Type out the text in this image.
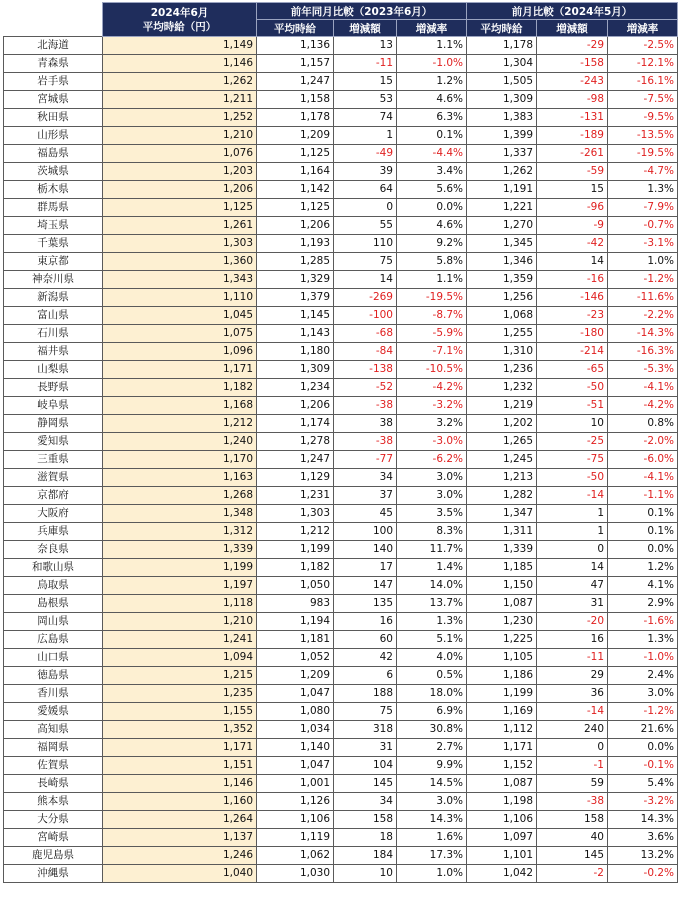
	2024年6月
平均時給（円）	前年同月比較（2023年6月）			前月比較（2024年5月）		
		平均時給	増減額	増減率	平均時給	増減額	増減率
北海道	1,149	1,136	13	1.1%	1,178	-29	-2.5%
青森県	1,146	1,157	-11	-1.0%	1,304	-158	-12.1%
岩手県	1,262	1,247	15	1.2%	1,505	-243	-16.1%
宮城県	1,211	1,158	53	4.6%	1,309	-98	-7.5%
秋田県	1,252	1,178	74	6.3%	1,383	-131	-9.5%
山形県	1,210	1,209	1	0.1%	1,399	-189	-13.5%
福島県	1,076	1,125	-49	-4.4%	1,337	-261	-19.5%
茨城県	1,203	1,164	39	3.4%	1,262	-59	-4.7%
栃木県	1,206	1,142	64	5.6%	1,191	15	1.3%
群馬県	1,125	1,125	0	0.0%	1,221	-96	-7.9%
埼玉県	1,261	1,206	55	4.6%	1,270	-9	-0.7%
千葉県	1,303	1,193	110	9.2%	1,345	-42	-3.1%
東京都	1,360	1,285	75	5.8%	1,346	14	1.0%
神奈川県	1,343	1,329	14	1.1%	1,359	-16	-1.2%
新潟県	1,110	1,379	-269	-19.5%	1,256	-146	-11.6%
富山県	1,045	1,145	-100	-8.7%	1,068	-23	-2.2%
石川県	1,075	1,143	-68	-5.9%	1,255	-180	-14.3%
福井県	1,096	1,180	-84	-7.1%	1,310	-214	-16.3%
山梨県	1,171	1,309	-138	-10.5%	1,236	-65	-5.3%
長野県	1,182	1,234	-52	-4.2%	1,232	-50	-4.1%
岐阜県	1,168	1,206	-38	-3.2%	1,219	-51	-4.2%
静岡県	1,212	1,174	38	3.2%	1,202	10	0.8%
愛知県	1,240	1,278	-38	-3.0%	1,265	-25	-2.0%
三重県	1,170	1,247	-77	-6.2%	1,245	-75	-6.0%
滋賀県	1,163	1,129	34	3.0%	1,213	-50	-4.1%
京都府	1,268	1,231	37	3.0%	1,282	-14	-1.1%
大阪府	1,348	1,303	45	3.5%	1,347	1	0.1%
兵庫県	1,312	1,212	100	8.3%	1,311	1	0.1%
奈良県	1,339	1,199	140	11.7%	1,339	0	0.0%
和歌山県	1,199	1,182	17	1.4%	1,185	14	1.2%
鳥取県	1,197	1,050	147	14.0%	1,150	47	4.1%
島根県	1,118	983	135	13.7%	1,087	31	2.9%
岡山県	1,210	1,194	16	1.3%	1,230	-20	-1.6%
広島県	1,241	1,181	60	5.1%	1,225	16	1.3%
山口県	1,094	1,052	42	4.0%	1,105	-11	-1.0%
徳島県	1,215	1,209	6	0.5%	1,186	29	2.4%
香川県	1,235	1,047	188	18.0%	1,199	36	3.0%
愛媛県	1,155	1,080	75	6.9%	1,169	-14	-1.2%
高知県	1,352	1,034	318	30.8%	1,112	240	21.6%
福岡県	1,171	1,140	31	2.7%	1,171	0	0.0%
佐賀県	1,151	1,047	104	9.9%	1,152	-1	-0.1%
長崎県	1,146	1,001	145	14.5%	1,087	59	5.4%
熊本県	1,160	1,126	34	3.0%	1,198	-38	-3.2%
大分県	1,264	1,106	158	14.3%	1,106	158	14.3%
宮崎県	1,137	1,119	18	1.6%	1,097	40	3.6%
鹿児島県	1,246	1,062	184	17.3%	1,101	145	13.2%
沖縄県	1,040	1,030	10	1.0%	1,042	-2	-0.2%
